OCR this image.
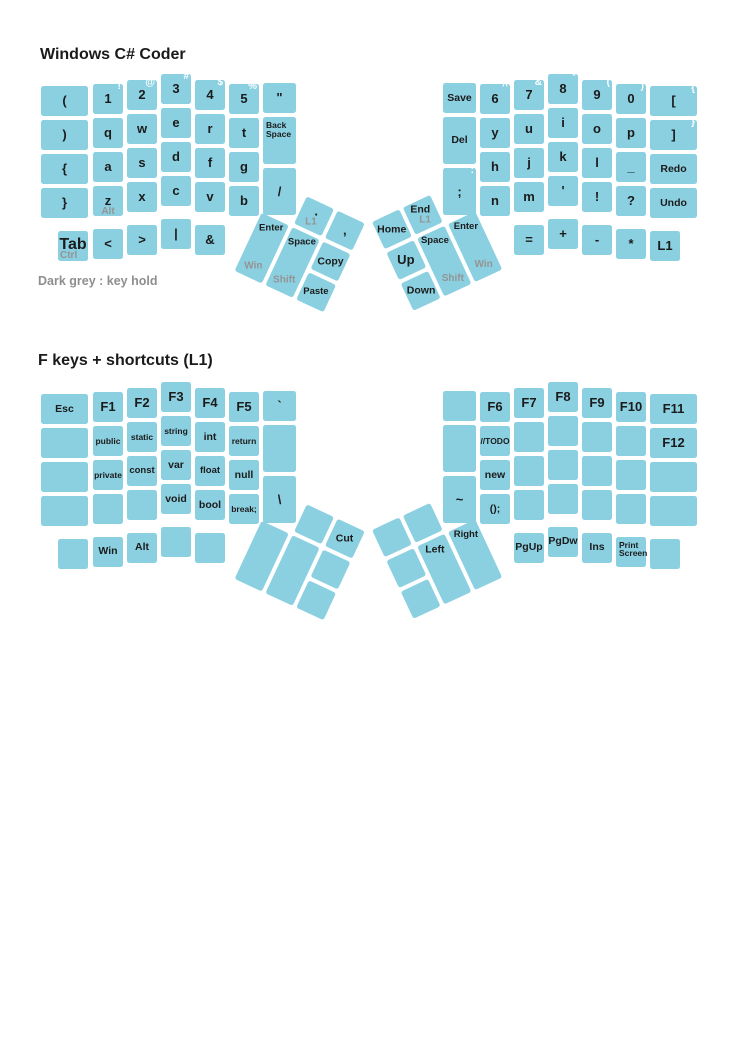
Windows C# Coder
Dark grey : key hold
F keys + shortcuts (L1)
(
)
{
}
Tab
Ctrl
1
!
q
a
z
Alt
<
2
@
w
s
x
>
3
#
e
d
c
|
4
$
r
f
v
&
5
%
t
g
b
"
Back Space
/
Save
Del
;
:
6
^
y
h
n
7
&
u
j
m
=
8
*
i
k
'
+
9
(
o
l
!
-
0
)
p
_
?
*
[
{
]
}
Redo
Undo
L1
Enter
Win
.
L1
Space
Shift
,
Copy
Paste
Home
Up
Down
End
L1
Space
Shift
Enter
Win
Esc F1
public
private
Win
F2
static
const
Alt
F3
string
var
void
F4
int
float
bool
F5
return
null
break;
`
\	~
F6
//TODO
new
();
F7
PgUp
F8
PgDw
F9
Ins
F10
Print Screen
F11
F12
Cut
Left
Right
